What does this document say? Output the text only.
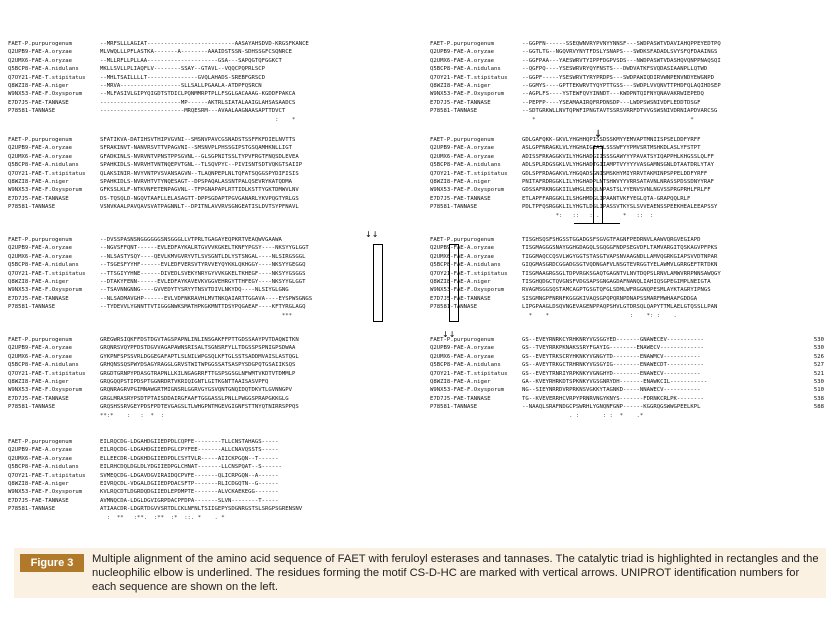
FAET-P.purpurogenum	--MRFSLLLAGIAT--------------------------AASAYAHSDVD-KRGSFKANCE
Q2UPB9-FAE-A.oryzae	MLVWQLLLPFLASTKA-------A--------AAAIDSTSSN-SDHSSGFCSQNRCE
Q2UMX6-FAE-A.oryzae	--MLLRFLLPLLAA---------------------GSA---SAPQGTQFGGKCT
Q5BCP8-FAE-A.nidulans	MKLLSVLLPLIAQFLV--------SSAY--GTAVL--VQQCPQPRLSCP
Q7OY21-FAE-T.stipitatus	--MHLTSAILLLLT---------------GVQLAHADS-SREBFGRSCD
Q8WZI8-FAE-A.niger	--MRVA------------------SLLSALLPGAALA-ATDPFQSRCN
W9NX53-FAE-F.Oxysporum	--MLFASIVLGIPYQIGDTSTDICLPQNMMRPTPLLFSGLGACAAAG-KGDDFPAKCA
E7D7J5-FAE-TANNASE	------------------------MP------AKTRLSIATALAAIGLAHSASAADCS
P78581-TANNASE	-------------------------MRQESRM---AVAALAAGNAASAPTTDVCT
:    *
FAET-P.purpurogenum	--GGPFN------SSEQWNVRYPVNYYNNSF---SWDPASWTVDAVIAHQPPEYEDTPQ
Q2UPB9-FAE-A.oryzae	--GGTLTG--NGQVRVYNYTFDSLYSNAPS---SWDKSFADADLSVYSFQFDAAINGS
Q2UMX6-FAE-A.oryzae	--GGFPAA---YAESWRVTYIPPFDGPVSDS---NWDPASWTVDASHQVQNPPNAQSQI
Q5BCP8-FAE-A.nidulans	--QGFPQ----YSESWRVRYQYFNSTS---DWDVATKFSVQDASIAANPLLQTWD
Q7OY21-FAE-T.stipitatus	--GGPF-----YSESWRVTYRYPRDPS---SWDPAWIQDIRVWNPENVNDYEWGNPD
Q8WZI8-FAE-A.niger	--GGMYS----GPTTEKWRVTYQYPTTGSS---SWDPLVVQNVTTPHDFQLAQIHDSEP
W9NX53-FAE-F.Oxysporum	--AGPLFS----YSTEWFQVYINNDT---KWDPNTQIFNYQNAVAKRWIEPEDQ
E7D7J5-FAE-TANNASE	--PEPFP----YSEAMAAIRQFRPDNSDP---LWDPSWSNIVDFLEDDTDSGF
P78581-TANNASE	--SDTGRKWLLNVTQPWFIPNGTAVTSSRSVRRFDTVVGSWSNIVDRNIAPDVARCSG
*                                              *
FAET-P.purpurogenum	SFATIKVA-DATIHSVTHIPVGVNI--SMSNVPAVCGSNADSTSSFFKFDIELNVTTS
Q2UPB9-FAE-A.oryzae	SFRAKINVT-NANVRSVTTVPAGVNI--SMSNVPLPHSSGIPSTGSQAMHKNLLIGT
Q2UMX6-FAE-A.oryzae	GFADKINLS-NVRVNTVPNSTPPSGVNL--GLSGPNITSSLTYPVFRGTFNQSDLEVEA
Q5BCP8-FAE-A.nidulans	SPAHKIDLS-NVRVHTVNTNQEPVTGNL--TLSQVPYC--PIVISNTSDTVQKGTSAIIP
Q7OY21-FAE-T.stipitatus	QLAKSINIR-NVYVNTPVSVANSAGVN--TLAQNPEPLNLTQFATSQGGSPYDIFISIS
Q8WZI8-FAE-A.niger	SPAHKIDLS-NVRVHTVTYNQESAGT--DPSPAQALASSNTPALQSEVRYKATQDMA
W9NX53-FAE-F.Oxysporum	GFKSSLKLF-NTKVNFETENPAGVNL--TFPGNAPAPLRTTIDLKSTTYGKTDMWVLNV
E7D7J5-FAE-TANNASE	DS-TQSQLD-NGQVTAAFLLELASAGTT-DPPSGDAPTPGVGANARLYKVPQGTYRLGS
P78581-TANNASE	VSNVKAALPAVQAVSVATPAGNNLT--DPITNLAVVRVSGNGEATISLDVTSYPFNAVL
FAET-P.purpurogenum	GDLGAFQKK-GKVLYHGHHQPISSDSSKMYYEMVAPTMNIISPSELDDFYRFF
Q2UPB9-FAE-A.oryzae	ASLGPFNRAGKLVLYHGHAIGIASLSSSWFYYPMVSRTMSHKDLASLYFSTPT
Q2UMX6-FAE-A.oryzae	ADISSFRKAGGKVILYHGHADGIISSSGAWYYYPAVATSYIQAPPHLKHGSSLQLFF
Q5BCP8-FAE-A.nidulans	ADLSPLRDGSGKLVLYHGHADTGIIAMPTVYYYYVASGAMNSGNLDTAATDRLYTAY
Q7OY21-FAE-T.stipitatus	GDLSPFRDAGAKVLYHGQADSGNISMSKHYMIYRRVTAKMINPSPPELDDFYRFF
Q8WZI8-FAE-A.niger	PNITAFRDRGGKLILYHGHADPLNTSHWVYYVRRSATAVNLNRASSPDSSDNYYRAF
W9NX53-FAE-F.Oxysporum	GDSSAFRKNGGKIILWHGLEDQLNPASTSLYYENVSVNLNGVSSPRGPRHLFRLFF
E7D7J5-FAE-TANNASE	ETLAPFFARGGKLILSHGHMDGLIPAANTVKFYEGLQTA-GRAPQQLRLF
P78581-TANNASE	PDLTPFQSRGGKLILYHGTLDSLIPASSVTKYSLSVVEAENSSPEEKHEALEEAPSSY
*:   ::   : .       *   ::  :
FAET-P.purpurogenum	--DVSSPASNSNGGGGGGSNSGGGLLVTPRLTGAGAYEQPKRTVEAQWVGAAWA
Q2UPB9-FAE-A.oryzae	--NGVSFFQNT------EVLEDFAYKALRTGVVVKGKELTKNFYPGSY----NKSYYGLGGT
Q2UMX6-FAE-A.oryzae	--NLSASTYSQY----QEVLKMVGVRYVTLSVSGNTLDLYSTSNGAL----NLSIRGSGGL
Q5BCP8-FAE-A.nidulans	--TSGESFYYHF------EVLEDFVERSVTYRVVEYQYKKLQKHGGY----NKSYYGEGGQ
Q7OY21-FAE-T.stipitatus	--TTSGIYYHNE------DIVEDLSVEKYNRYGYVVKGKELTKHEGF----NKSYYGSGGS
Q8WZI8-FAE-A.niger	--DTAKYFENN------EVLEDFAYKAVEVKVGGVEHRGYTTHFEGY----NKSYYGLGGT
W9NX53-FAE-F.Oxysporum	--TSAVNNGNNG----GVVEDYTYSRYYTNSVTDIVLNKYDQ----NLSIYGLGNG
E7D7J5-FAE-TANNASE	--NLSADMAVGHP------EVLVDFNKRAVHLMVTNKQAIARTTGGAVA----EYSPWSGNGS
P78581-TANNASE	--TYDEVVLYGNNTTVTIGGGNWKSMATHPKGKMNTTDSYPQGAEAF----KFTYRGLAGQ
***
FAET-P.purpurogenum	TISGHSQSFSHGSSTGGADGSFSGVGTFAGNFPEDRNVLAAWVQRGVEGIAPD
Q2UPB9-FAE-A.oryzae	TISGMAGGGSNAYGGHGDAGQLSGQGGFNDPSEGVDFLTAMVARGITQSKAGVPFPKS
Q2UMX6-FAE-A.oryzae	TIGGMAQCCQSVLWGYGGTSTASGTVAPSNVAAGNDLLAMVQGRKGIAPSVVDTNPAR
Q5BCP8-FAE-A.nidulans	GIQGMASGRDCGGADGSGTVQDNGAFVLNSGTEVRGGTYELAWMVLGRRGEFTRTDKN
Q7OY21-FAE-T.stipitatus	TISGMAAGRGSGLTDPVRGKSGAQTGAGNTVLNVTDQPSLRNVLAMWVRRPNNSAWQGY
Q8WZI8-FAE-A.niger	TISGHQDGCTQVGNSFVDGSAPSGNGAGDAFNANQLIAHIQSGPEGIMPLNEIGTA
W9NX53-FAE-F.Oxysporum	RVAGMSGGSQSTAMCAGPTGSGTQFGLSDMLWFRGGNQPESMLAYKTAGRYIPNGS
E7D7J5-FAE-TANNASE	SISGMNGPFNRNFKGGGKIVAQSGPQPQRNPDNAPSSMARFMWHAAFGDDGA
P78581-TANNASE	LIPGPAAGLDSQVNGEVAGENPPAQPSHVLGTDRSQLQAPYTTMLAELGTQSSLLPAN
*    *                        :    *: :    .
FAET-P.purpurogenum	GREGWRSIQKFFDSTDGVTAGSPAPNLINLINSGAKFFPTTGDSSAAYPVTDAQWITKN
Q2UPB9-FAE-A.oryzae	GRQNRSVQYPFDSTDGVVAGAPAWNSRISALTSGNSRFYLLTDGSSPSPNIGPSDWAA
Q2UMX6-FAE-A.oryzae	GYKPNFSPSSVRLDGGEGAFAPTLSLNILWPGSQLKFTGLSSTSADDMVAISLASTQGL
Q5BCP8-FAE-A.nidulans	GRHQNSSQSPWYDSAGYRAGGLGRVSTWITWPGGSSATSASPYSDGPQTGSAIIKSQS
Q7OY21-FAE-T.stipitatus	GRGDTGRNPYPDASGTRAPNLLKILNGAGRRFTTGSPSGSGLNFWMTVKDTVTDMMLP
Q8WZI8-FAE-A.niger	GRQGQQPSTIPDSPTGGNRDRTVKRIQIGNTLGITKGNTTAAISASVPFQ
W9NX53-FAE-F.Oxysporum	GRQNRAGRVPGIMNAWGRTMIGNSRLGGRVGYGSVQNTGNQIDQTDKVTLGVNNGPV
E7D7J5-FAE-TANNASE	GRGLMRASRYPSDTPTAISDDAIRGFAAFTGGGASSLPNLLPWGGSPRAPGKKGLG
P78581-TANNASE	GRQSHSSRVGEYPDSFPDTEVGAGSLTLWHGPNTMGEVGIGNFSTTNYQTNIRRSPPQS
**:*    :   :  *  :
FAET-P.purpurogenum	GS--EVEYRNRKCYRHKNRYVGSGGYED-------GNAWECEV-----------	530
Q2UPB9-FAE-A.oryzae	GS--TVEYRRKPKNAKSSRYFGAYIG--------ENAWECV-------------	530
Q2UMX6-FAE-A.oryzae	GS--EVEYTRKSCRYHKNKYVGNGYTD--------ENAWMCV-----------	526
Q5BCP8-FAE-A.nidulans	GS--AVEYTRKGCTRHRNKYVGSGYIG--------ENAWECDT-----------	527
Q7OY21-FAE-T.stipitatus	GS--EVEYTRNRIYRPKNKYVGNGHYD--------ENAWECV-----------	521
Q8WZI8-FAE-A.niger	GA--KVEYRHRKDTSPKNKYVGSGNRYDH-------ENAWKCIL-----------	530
W9NX53-FAE-F.Oxysporum	NG--SIEYNRRDVRPRKNSVGKKYTAGNKD-----NNAWECV-----------	510
E7D7J5-FAE-TANNASE	TG--KVEVERRHCVRPYPRNRVNGYKNYS-------FDRNKCRLPK--------	538
P78581-TANNASE	--NAAQLSRAFNDGCPSWRHLYGNQNFGNP------KGGRQGSWWGPEELKPL	588
. :       : :  *    .*
FAET-P.purpurogenum	EILRQCDG-LDGAHDGIIEDPDLCQPFE--------TLLCNSTAHAGS-----
Q2UPB9-FAE-A.oryzae	EILRQCDG-LDGAHDGIIEDPGLCPYFEE-------ALLCNAVQSSTS-----
Q2UMX6-FAE-A.oryzae	ELLEECDR-LDGKHDGIIEDPDLCSYTVLR-----AIICKPGQN--T------
Q5BCP8-FAE-A.nidulans	EILRHCDQLDGLDLYDGIIEDPGLCHNAT-------LLCNSPQAT--S------
Q7OY21-FAE-T.stipitatus	SVMEQCDG-LDGAVDGVIRAIDQCPVFE-------QLICRPGQN--A------
Q8WZI8-FAE-A.niger	EIVRQCDL-VDGALDGIIEDPDACSFTP-------RLICDGQTN--G------
W9NX53-FAE-F.Oxysporum	KVLRQCDTLDGRDQDGIIEDLEPDMPTE-------ALVCKAEKEGG-------
E7D7J5-FAE-TANNASE	AVMNQCDA-LDGLDGVIGRPDACPFDPA-------SLVN--------T-----
P78581-TANNASE	ATIAACDR-LDGRTDGVVSRTDLCKLNFNLTSIIGEPYSDGNRGSTSLSRGPSGRENSNV
:  **   :**.  :**  :*  ::. *    . *
↓
↓↓
↓↓
Figure 3	Multiple alignment of the amino acid sequence of FAET with feruloyl esterases and tannases. The catalytic triad is highlighted in rectangles and the nucleophilic elbow is underlined. The residues forming the motif CS-D-HC are marked with vertical arrows. UNIPROT identification numbers for each sequence are shown on the left.
